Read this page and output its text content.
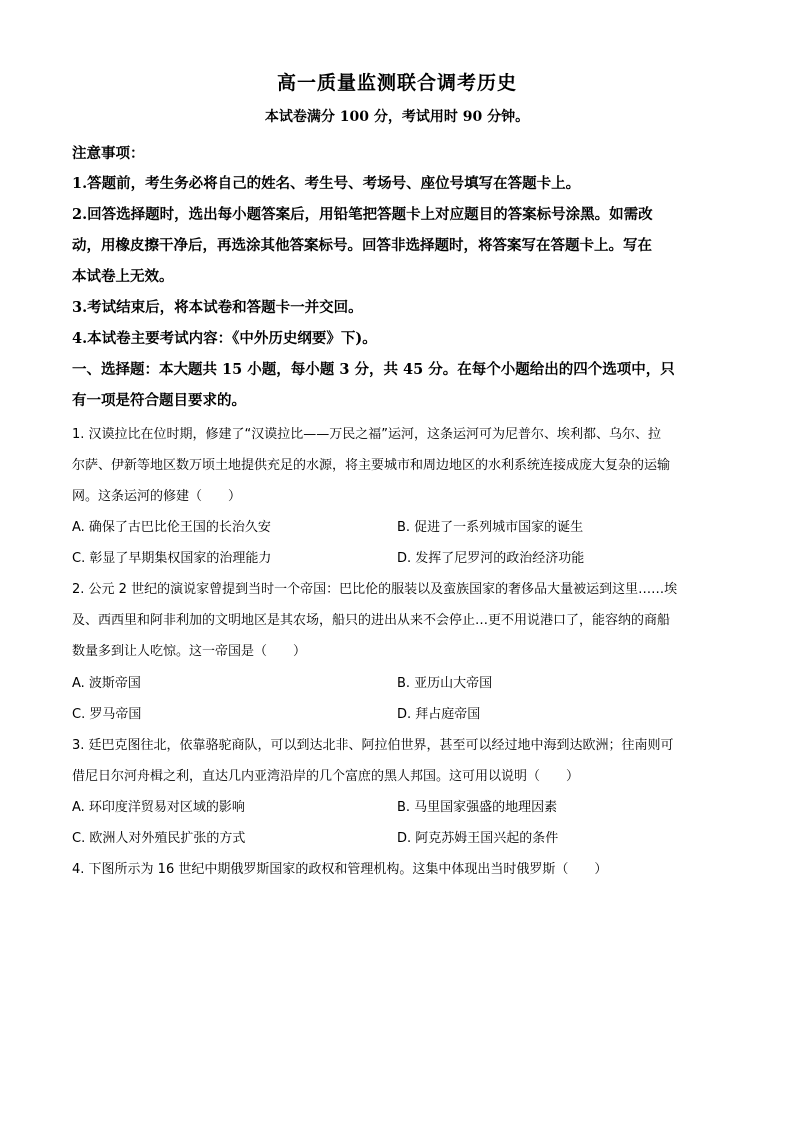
高一质量监测联合调考历史
本试卷满分 100 分，考试用时 90 分钟。
注意事项：
1.答题前，考生务必将自己的姓名、考生号、考场号、座位号填写在答题卡上。
2.回答选择题时，选出每小题答案后，用铅笔把答题卡上对应题目的答案标号涂黑。如需改
动，用橡皮擦干净后，再选涂其他答案标号。回答非选择题时，将答案写在答题卡上。写在
本试卷上无效。
3.考试结束后，将本试卷和答题卡一并交回。
4.本试卷主要考试内容：《中外历史纲要》下)。
一、选择题：本大题共 15 小题，每小题 3 分，共 45 分。在每个小题给出的四个选项中，只
有一项是符合题目要求的。
1. 汉谟拉比在位时期，修建了“汉谟拉比——万民之福”运河，这条运河可为尼普尔、埃利都、乌尔、拉
尔萨、伊新等地区数万顷土地提供充足的水源，将主要城市和周边地区的水利系统连接成庞大复杂的运输
网。这条运河的修建（　　）
A. 确保了古巴比伦王国的长治久安	B. 促进了一系列城市国家的诞生
C. 彰显了早期集权国家的治理能力	D. 发挥了尼罗河的政治经济功能
2. 公元 2 世纪的演说家曾提到当时一个帝国：巴比伦的服装以及蛮族国家的奢侈品大量被运到这里……埃
及、西西里和阿非利加的文明地区是其农场，船只的进出从来不会停止…更不用说港口了，能容纳的商船
数量多到让人吃惊。这一帝国是（　　）
A. 波斯帝国	B. 亚历山大帝国
C. 罗马帝国	D. 拜占庭帝国
3. 廷巴克图往北，依靠骆驼商队，可以到达北非、阿拉伯世界，甚至可以经过地中海到达欧洲；往南则可
借尼日尔河舟楫之利，直达几内亚湾沿岸的几个富庶的黑人邦国。这可用以说明（　　）
A. 环印度洋贸易对区域的影响	B. 马里国家强盛的地理因素
C. 欧洲人对外殖民扩张的方式	D. 阿克苏姆王国兴起的条件
4. 下图所示为 16 世纪中期俄罗斯国家的政权和管理机构。这集中体现出当时俄罗斯（　　）
